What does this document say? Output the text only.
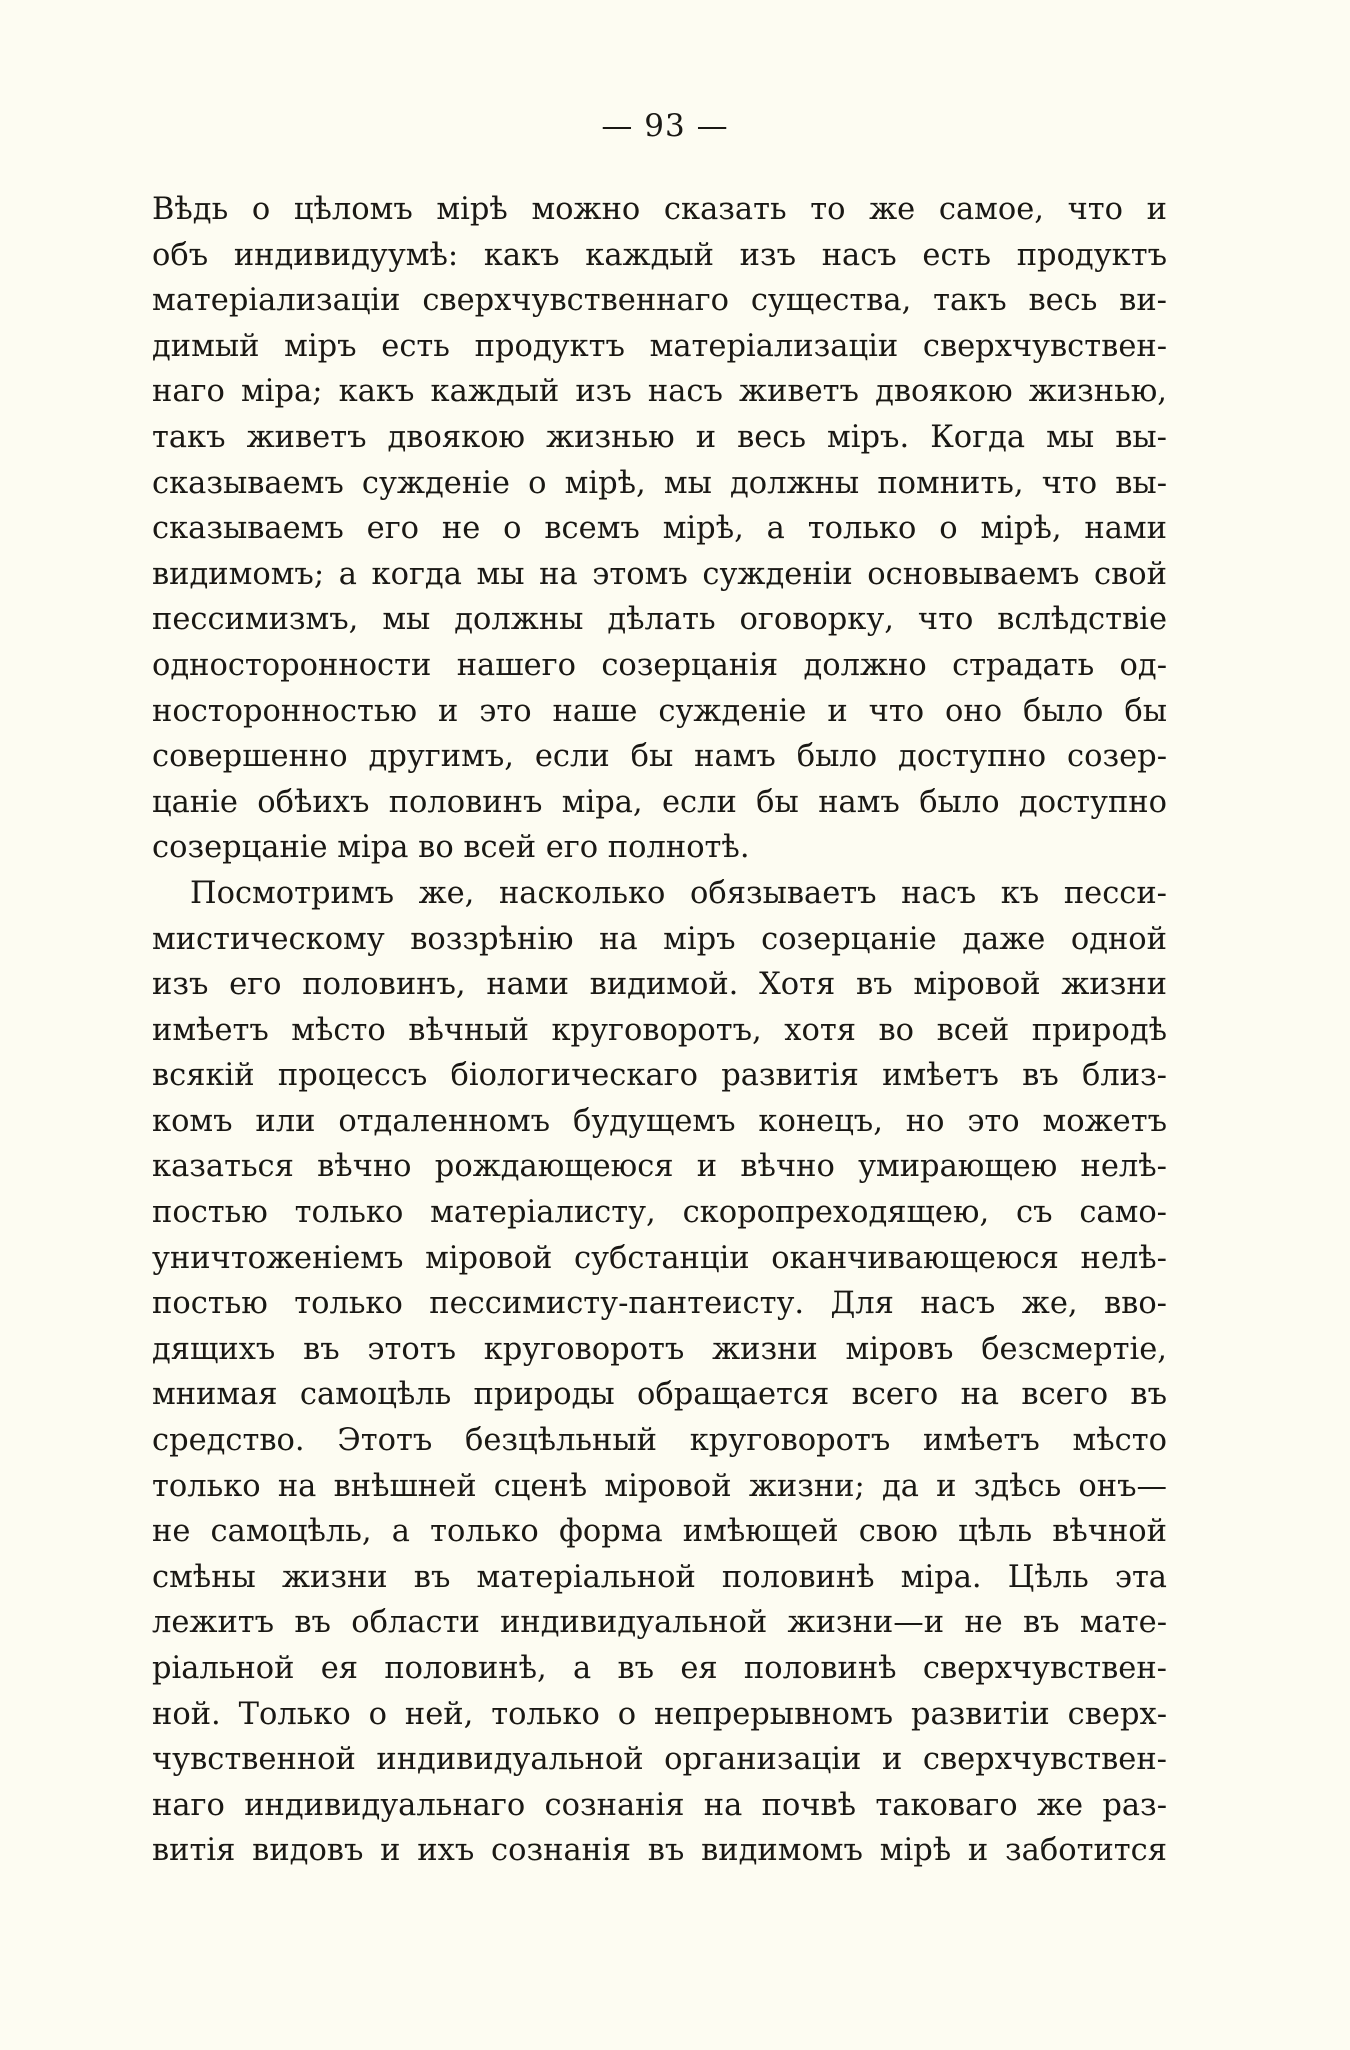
— 93 —
Вѣдь о цѣломъ мірѣ можно сказать то же самое, что и
объ индивидуумѣ: какъ каждый изъ насъ есть продуктъ
матеріализаціи сверхчувственнаго существа, такъ весь ви-
димый міръ есть продуктъ матеріализаціи сверхчувствен-
наго міра; какъ каждый изъ насъ живетъ двоякою жизнью,
такъ живетъ двоякою жизнью и весь міръ. Когда мы вы-
сказываемъ сужденіе о мірѣ, мы должны помнить, что вы-
сказываемъ его не о всемъ мірѣ, а только о мірѣ, нами
видимомъ; а когда мы на этомъ сужденіи основываемъ свой
пессимизмъ, мы должны дѣлать оговорку, что вслѣдствіе
односторонности нашего созерцанія должно страдать од-
носторонностью и это наше сужденіе и что оно было бы
совершенно другимъ, если бы намъ было доступно созер-
цаніе обѣихъ половинъ міра, если бы намъ было доступно
созерцаніе міра во всей его полнотѣ.
Посмотримъ же, насколько обязываетъ насъ къ песси-
мистическому воззрѣнію на міръ созерцаніе даже одной
изъ его половинъ, нами видимой. Хотя въ міровой жизни
имѣетъ мѣсто вѣчный круговоротъ, хотя во всей природѣ
всякій процессъ біологическаго развитія имѣетъ въ близ-
комъ или отдаленномъ будущемъ конецъ, но это можетъ
казаться вѣчно рождающеюся и вѣчно умирающею нелѣ-
постью только матеріалисту, скоропреходящею, съ само-
уничтоженіемъ міровой субстанціи оканчивающеюся нелѣ-
постью только пессимисту-пантеисту. Для насъ же, вво-
дящихъ въ этотъ круговоротъ жизни міровъ безсмертіе,
мнимая самоцѣль природы обращается всего на всего въ
средство. Этотъ безцѣльный круговоротъ имѣетъ мѣсто
только на внѣшней сценѣ міровой жизни; да и здѣсь онъ—
не самоцѣль, а только форма имѣющей свою цѣль вѣчной
смѣны жизни въ матеріальной половинѣ міра. Цѣль эта
лежитъ въ области индивидуальной жизни—и не въ мате-
ріальной ея половинѣ, а въ ея половинѣ сверхчувствен-
ной. Только о ней, только о непрерывномъ развитіи сверх-
чувственной индивидуальной организаціи и сверхчувствен-
наго индивидуальнаго сознанія на почвѣ таковаго же раз-
витія видовъ и ихъ сознанія въ видимомъ мірѣ и заботится
